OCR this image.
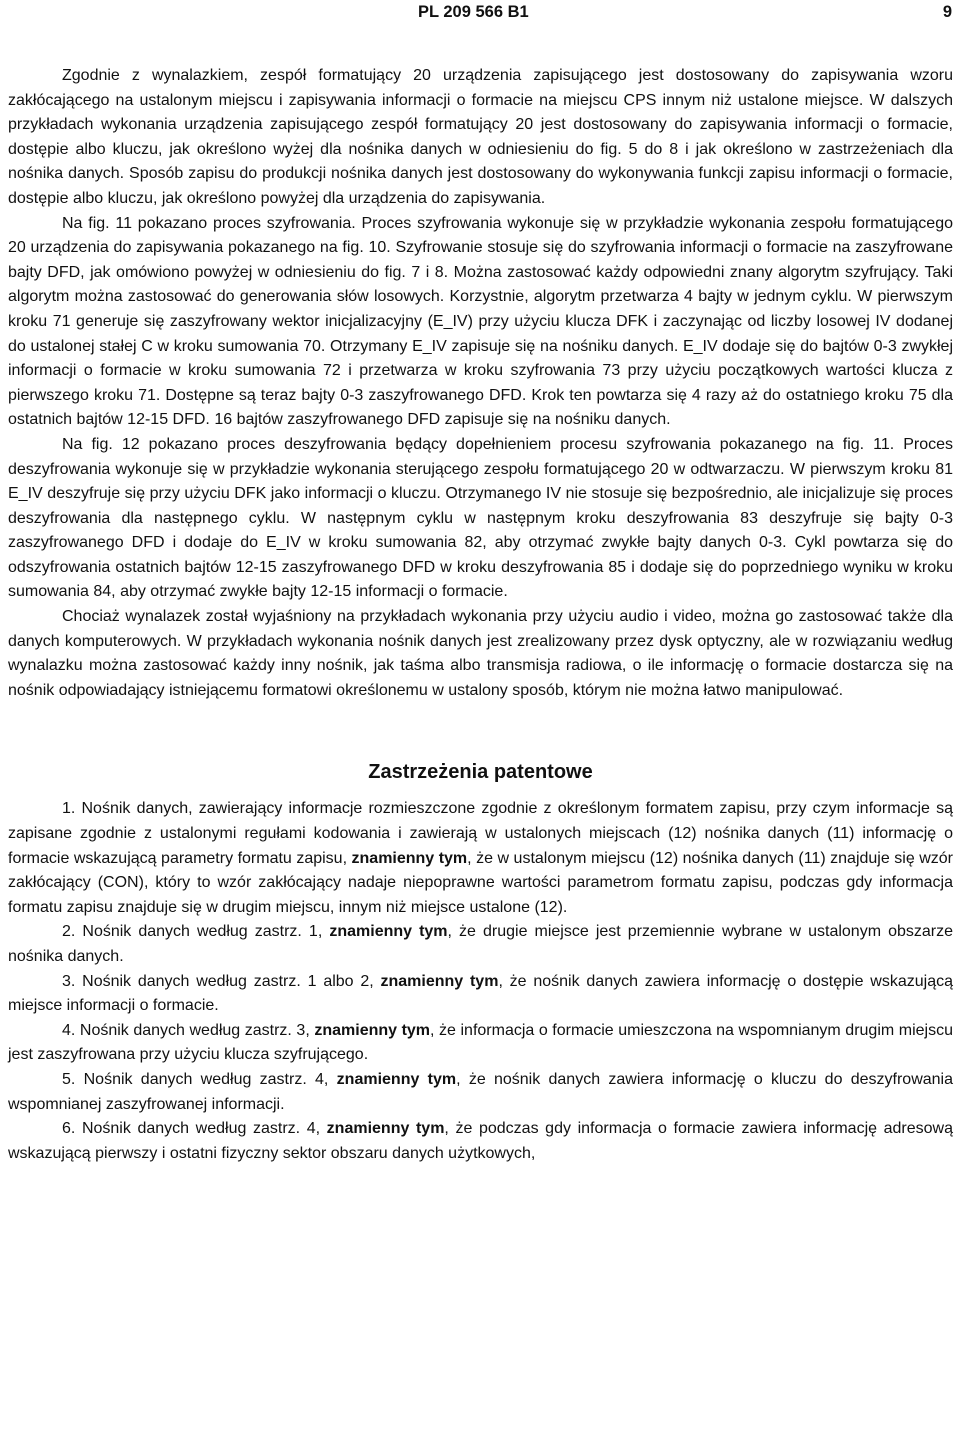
PL 209 566 B1	9

Zgodnie z wynalazkiem, zespół formatujący 20 urządzenia zapisującego jest dostosowany do zapisywania wzoru zakłócającego na ustalonym miejscu i zapisywania informacji o formacie na miejscu CPS innym niż ustalone miejsce. W dalszych przykładach wykonania urządzenia zapisującego zespół formatujący 20 jest dostosowany do zapisywania informacji o formacie, dostępie albo kluczu, jak określono wyżej dla nośnika danych w odniesieniu do fig. 5 do 8 i jak określono w zastrzeżeniach dla nośnika danych. Sposób zapisu do produkcji nośnika danych jest dostosowany do wykonywania funkcji zapisu informacji o formacie, dostępie albo kluczu, jak określono powyżej dla urządzenia do zapisywania.

Na fig. 11 pokazano proces szyfrowania. Proces szyfrowania wykonuje się w przykładzie wykonania zespołu formatującego 20 urządzenia do zapisywania pokazanego na fig. 10. Szyfrowanie stosuje się do szyfrowania informacji o formacie na zaszyfrowane bajty DFD, jak omówiono powyżej w odniesieniu do fig. 7 i 8. Można zastosować każdy odpowiedni znany algorytm szyfrujący. Taki algorytm można zastosować do generowania słów losowych. Korzystnie, algorytm przetwarza 4 bajty w jednym cyklu. W pierwszym kroku 71 generuje się zaszyfrowany wektor inicjalizacyjny (E_IV) przy użyciu klucza DFK i zaczynając od liczby losowej IV dodanej do ustalonej stałej C w kroku sumowania 70. Otrzymany E_IV zapisuje się na nośniku danych. E_IV dodaje się do bajtów 0-3 zwykłej informacji o formacie w kroku sumowania 72 i przetwarza w kroku szyfrowania 73 przy użyciu początkowych wartości klucza z pierwszego kroku 71. Dostępne są teraz bajty 0-3 zaszyfrowanego DFD. Krok ten powtarza się 4 razy aż do ostatniego kroku 75 dla ostatnich bajtów 12-15 DFD. 16 bajtów zaszyfrowanego DFD zapisuje się na nośniku danych.

Na fig. 12 pokazano proces deszyfrowania będący dopełnieniem procesu szyfrowania pokazanego na fig. 11. Proces deszyfrowania wykonuje się w przykładzie wykonania sterującego zespołu formatującego 20 w odtwarzaczu. W pierwszym kroku 81 E_IV deszyfruje się przy użyciu DFK jako informacji o kluczu. Otrzymanego IV nie stosuje się bezpośrednio, ale inicjalizuje się proces deszyfrowania dla następnego cyklu. W następnym cyklu w następnym kroku deszyfrowania 83 deszyfruje się bajty 0-3 zaszyfrowanego DFD i dodaje do E_IV w kroku sumowania 82, aby otrzymać zwykłe bajty danych 0-3. Cykl powtarza się do odszyfrowania ostatnich bajtów 12-15 zaszyfrowanego DFD w kroku deszyfrowania 85 i dodaje się do poprzedniego wyniku w kroku sumowania 84, aby otrzymać zwykłe bajty 12-15 informacji o formacie.

Chociaż wynalazek został wyjaśniony na przykładach wykonania przy użyciu audio i video, można go zastosować także dla danych komputerowych. W przykładach wykonania nośnik danych jest zrealizowany przez dysk optyczny, ale w rozwiązaniu według wynalazku można zastosować każdy inny nośnik, jak taśma albo transmisja radiowa, o ile informację o formacie dostarcza się na nośnik odpowiadający istniejącemu formatowi określonemu w ustalony sposób, którym nie można łatwo manipulować.

Zastrzeżenia patentowe

1. Nośnik danych, zawierający informacje rozmieszczone zgodnie z określonym formatem zapisu, przy czym informacje są zapisane zgodnie z ustalonymi regułami kodowania i zawierają w ustalonych miejscach (12) nośnika danych (11) informację o formacie wskazującą parametry formatu zapisu, znamienny tym, że w ustalonym miejscu (12) nośnika danych (11) znajduje się wzór zakłócający (CON), który to wzór zakłócający nadaje niepoprawne wartości parametrom formatu zapisu, podczas gdy informacja formatu zapisu znajduje się w drugim miejscu, innym niż miejsce ustalone (12).

2. Nośnik danych według zastrz. 1, znamienny tym, że drugie miejsce jest przemiennie wybrane w ustalonym obszarze nośnika danych.

3. Nośnik danych według zastrz. 1 albo 2, znamienny tym, że nośnik danych zawiera informację o dostępie wskazującą miejsce informacji o formacie.

4. Nośnik danych według zastrz. 3, znamienny tym, że informacja o formacie umieszczona na wspomnianym drugim miejscu jest zaszyfrowana przy użyciu klucza szyfrującego.

5. Nośnik danych według zastrz. 4, znamienny tym, że nośnik danych zawiera informację o kluczu do deszyfrowania wspomnianej zaszyfrowanej informacji.

6. Nośnik danych według zastrz. 4, znamienny tym, że podczas gdy informacja o formacie zawiera informację adresową wskazującą pierwszy i ostatni fizyczny sektor obszaru danych użytkowych,
